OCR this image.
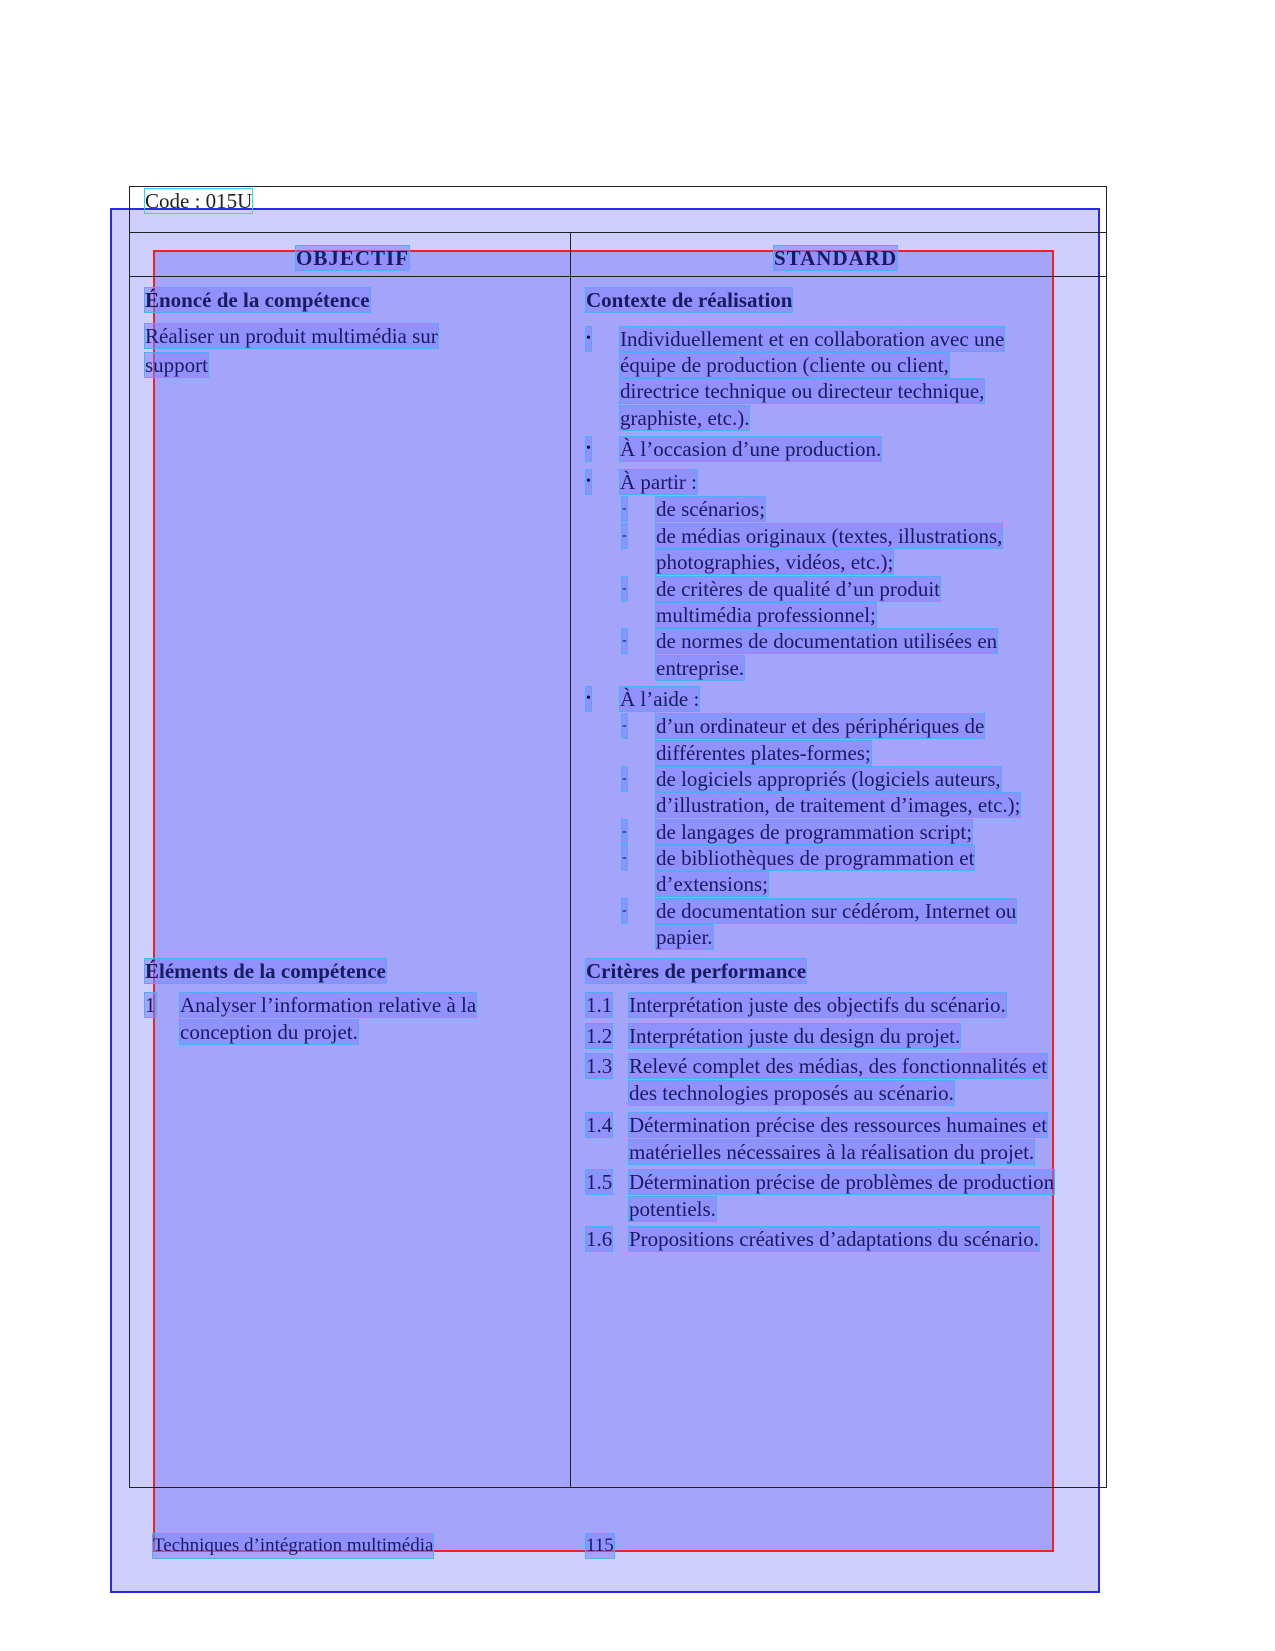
Code : 015U
OBJECTIF	STANDARD
Énoncé de la compétence
Réaliser un produit multimédia sur
support
Éléments de la compétence
1 Analyser l’information relative à la
conception du projet.
Contexte de réalisation
• Individuellement et en collaboration avec une
équipe de production (cliente ou client,
directrice technique ou directeur technique,
graphiste, etc.).
• À l’occasion d’une production.
• À partir :
- de scénarios;
- de médias originaux (textes, illustrations,
photographies, vidéos, etc.);
- de critères de qualité d’un produit
multimédia professionnel;
- de normes de documentation utilisées en
entreprise.
• À l’aide :
- d’un ordinateur et des périphériques de
différentes plates-formes;
- de logiciels appropriés (logiciels auteurs,
d’illustration, de traitement d’images, etc.);
- de langages de programmation script;
- de bibliothèques de programmation et
d’extensions;
- de documentation sur cédérom, Internet ou
papier.
Critères de performance
1.1 Interprétation juste des objectifs du scénario.
1.2 Interprétation juste du design du projet.
1.3 Relevé complet des médias, des fonctionnalités et
des technologies proposés au scénario.
1.4 Détermination précise des ressources humaines et
matérielles nécessaires à la réalisation du projet.
1.5 Détermination précise de problèmes de production
potentiels.
1.6 Propositions créatives d’adaptations du scénario.
Techniques d’intégration multimédia	115
